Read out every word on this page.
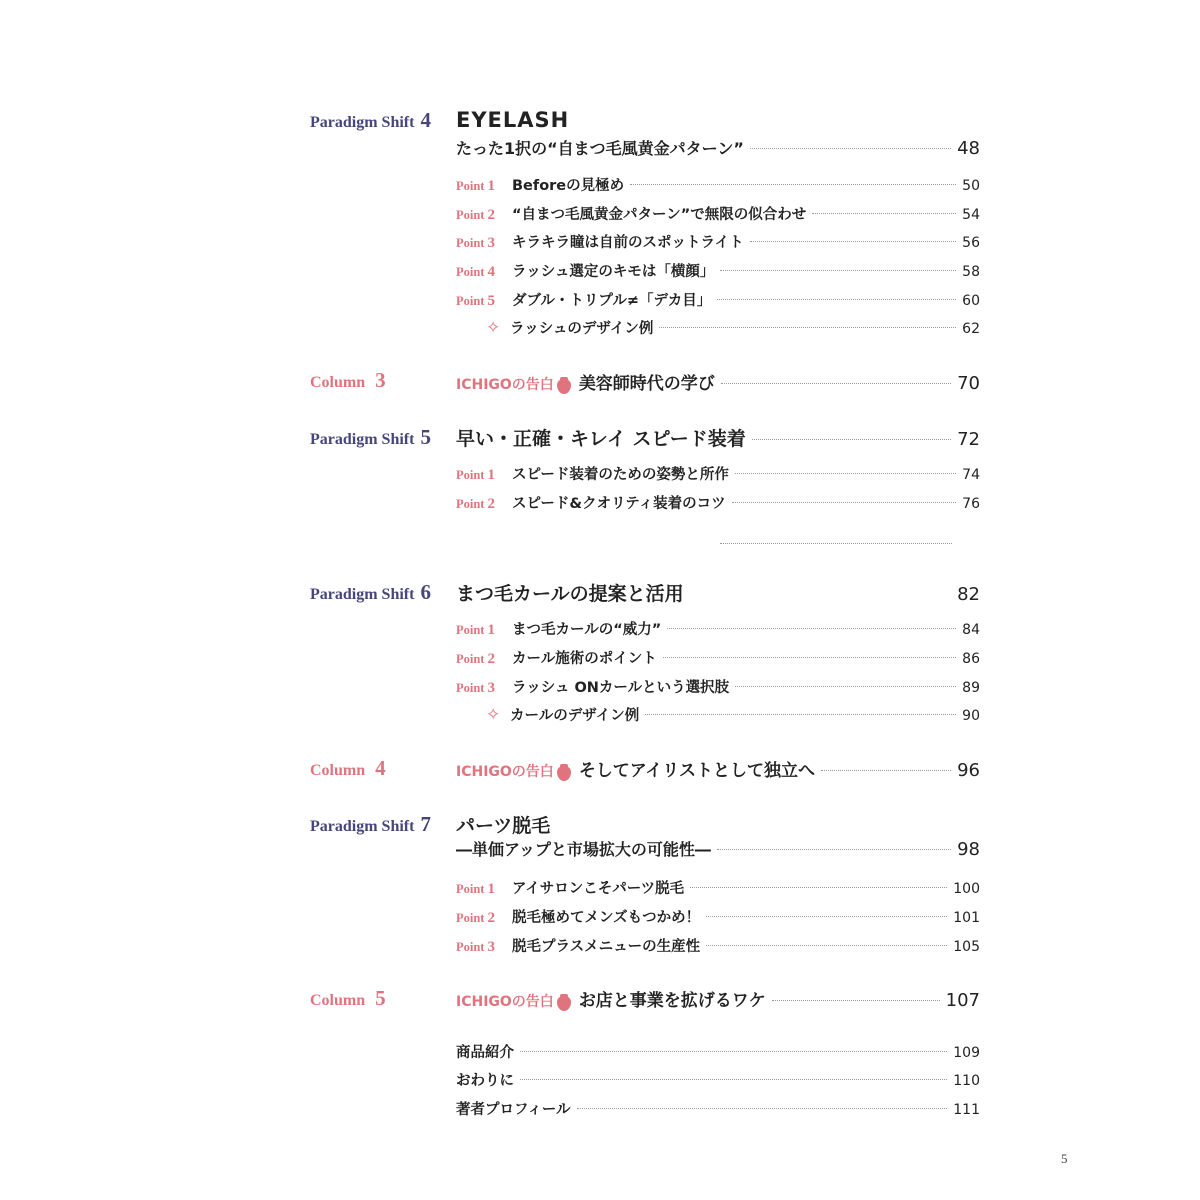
Paradigm Shift 4 EYELASH
たった1択の“自まつ毛風黄金パターン”	48
Point 1	Beforeの見極め	50
Point 2	“自まつ毛風黄金パターン”で無限の似合わせ	54
Point 3	キラキラ瞳は自前のスポットライト	56
Point 4	ラッシュ選定のキモは「横顔」	58
Point 5	ダブル・トリプル≠「デカ目」	60
✧ ラッシュのデザイン例	62
Column 3	ICHIGOの告白 美容師時代の学び	70
Paradigm Shift 5 早い・正確・キレイ スピード装着	72
Point 1	スピード装着のための姿勢と所作	74
Point 2	スピード&クオリティ装着のコツ	76
Paradigm Shift 6 まつ毛カールの提案と活用	82
Point 1	まつ毛カールの“威力”	84
Point 2	カール施術のポイント	86
Point 3	ラッシュ ONカールという選択肢	89
✧ カールのデザイン例	90
Column 4	ICHIGOの告白 そしてアイリストとして独立へ	96
Paradigm Shift 7 パーツ脱毛
―単価アップと市場拡大の可能性―	98
Point 1	アイサロンこそパーツ脱毛	100
Point 2	脱毛極めてメンズもつかめ！	101
Point 3	脱毛プラスメニューの生産性	105
Column 5	ICHIGOの告白 お店と事業を拡げるワケ	107
商品紹介	109
おわりに	110
著者プロフィール	111
5
